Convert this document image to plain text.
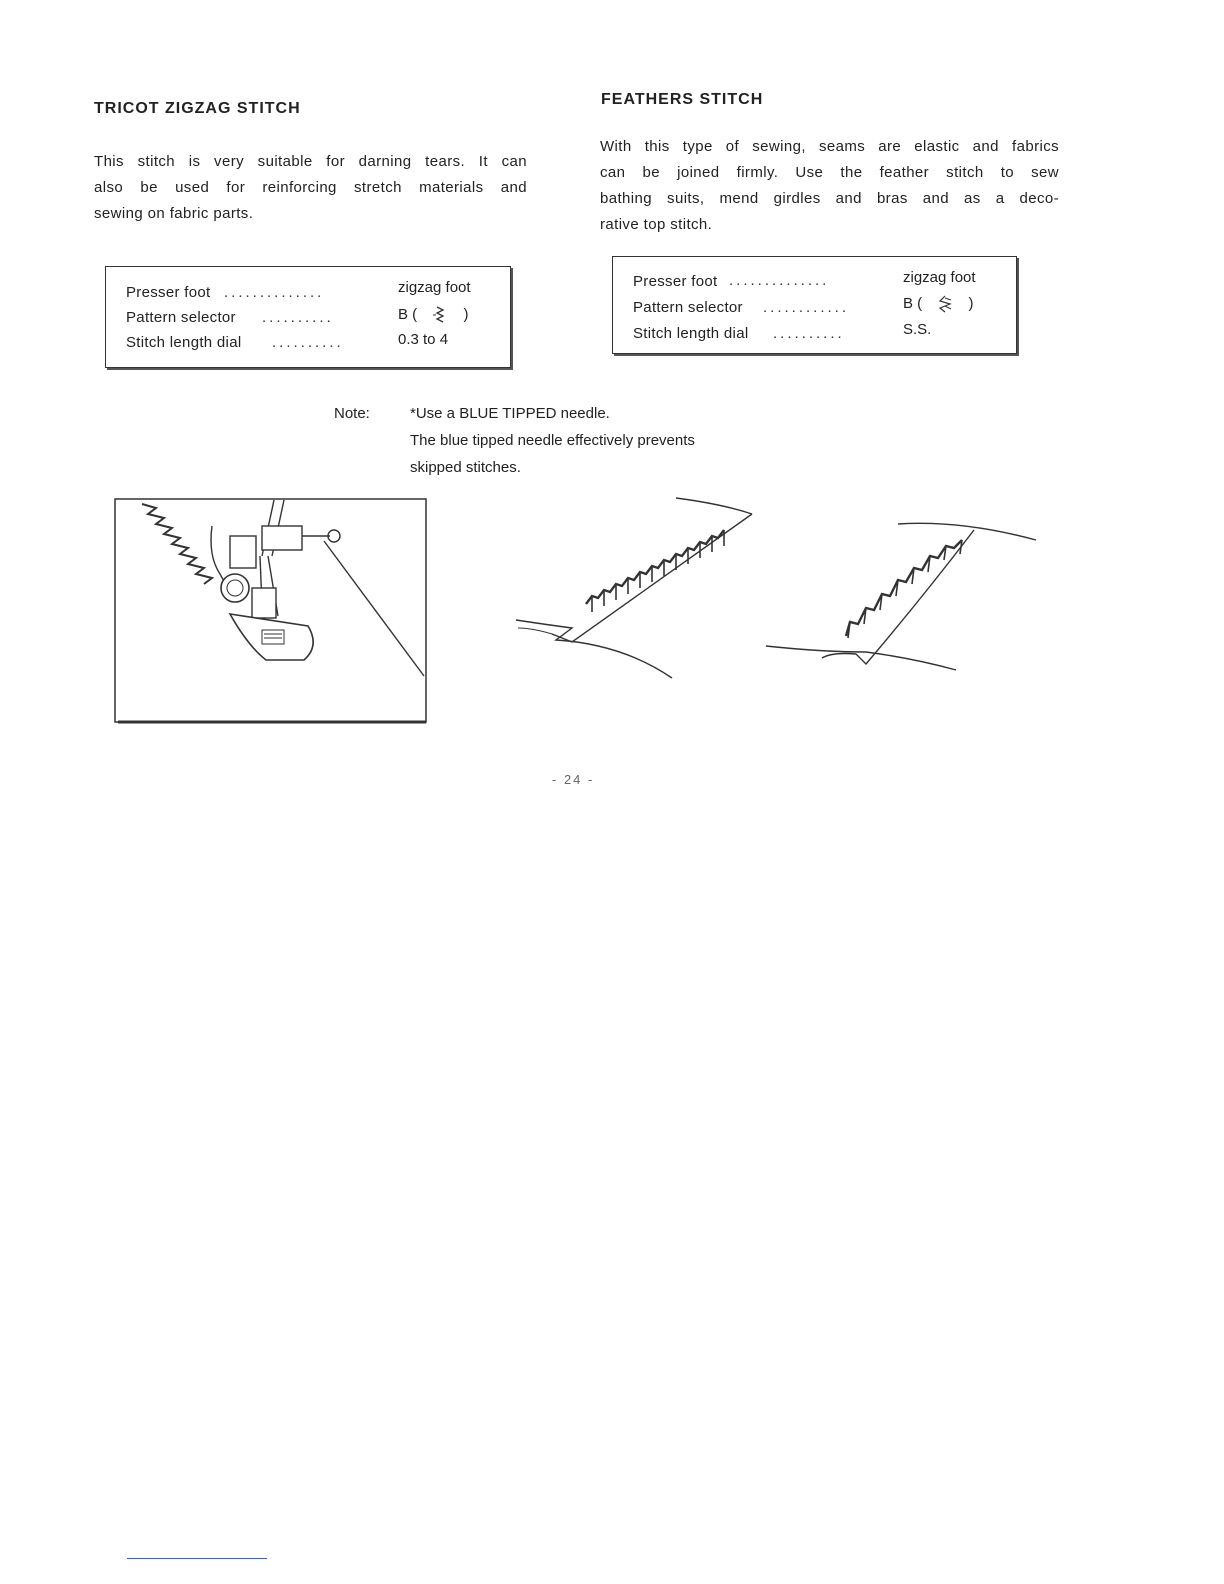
TRICOT ZIGZAG STITCH
This stitch is very suitable for darning tears. It can
also be used for reinforcing stretch materials and
sewing on fabric parts.
Presser foot ..............	zigzag foot
Pattern selector ..........	B (	)
Stitch length dial ..........	0.3 to 4
FEATHERS STITCH
With this type of sewing, seams are elastic and fabrics
can be joined firmly. Use the feather stitch to sew
bathing suits, mend girdles and bras and as a deco-
rative top stitch.
Presser foot ..............	zigzag foot
Pattern selector ............	B (	)
Stitch length dial ..........	S.S.
Note:	*Use a BLUE TIPPED needle.
The blue tipped needle effectively prevents
skipped stitches.
- 24 -
